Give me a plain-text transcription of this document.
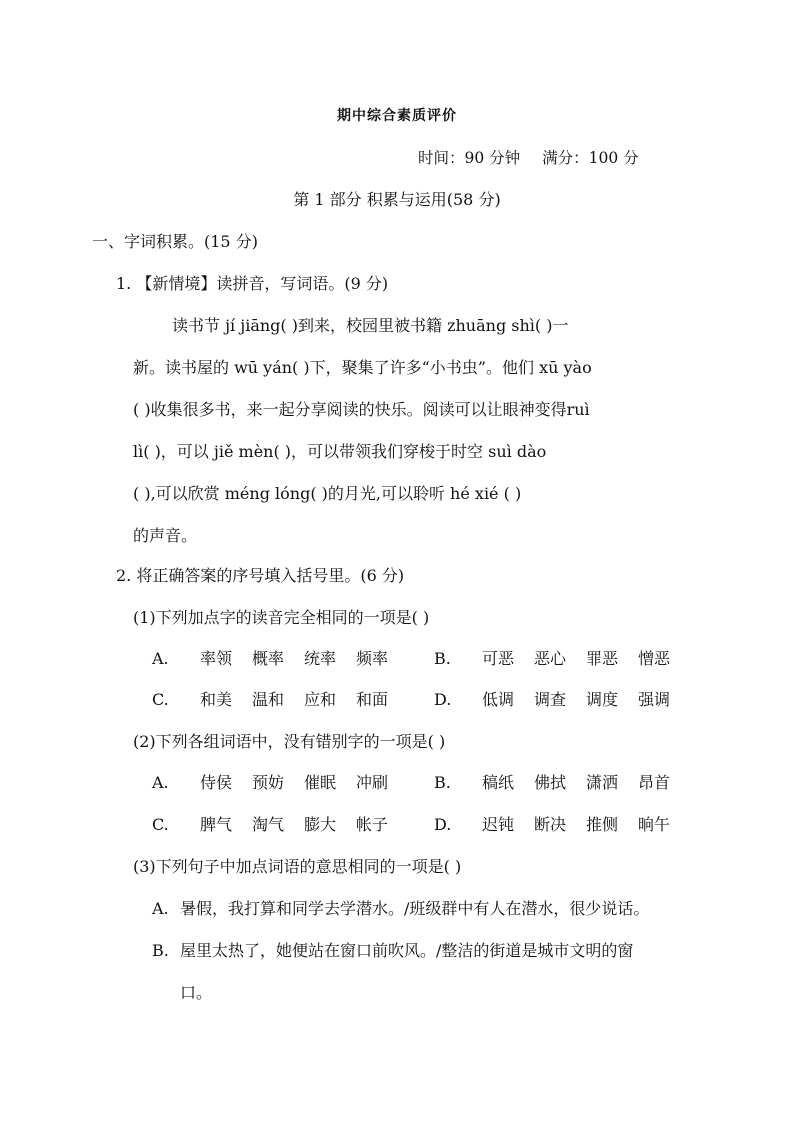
期中综合素质评价
时间：90 分钟 满分：100 分
第 1 部分 积累与运用(58 分)
一、字词积累。(15 分)
1. 【新情境】读拼音，写词语。(9 分)
读书节 jí jiāng( )到来，校园里被书籍 zhuāng shì( )一
新。读书屋的 wū yán( )下，聚集了许多“小书虫”。他们 xū yào
( )收集很多书，来一起分享阅读的快乐。阅读可以让眼神变得ruì
lì( )，可以 jiě mèn( )，可以带领我们穿梭于时空 suì dào
( ),可以欣赏 méng lóng( )的月光,可以聆听 hé xié ( )
的声音。
2. 将正确答案的序号填入括号里。(6 分)
(1)下列加点字的读音完全相同的一项是( )
A. 率领 概率 统率 频率	B. 可恶 恶心 罪恶 憎恶
C. 和美 温和 应和 和面	D. 低调 调查 调度 强调
(2)下列各组词语中，没有错别字的一项是( )
A. 侍侯 预妨 催眠 冲刷	B. 稿纸 佛拭 潇洒 昂首
C. 脾气 淘气 膨大 帐子	D. 迟钝 断决 推侧 晌午
(3)下列句子中加点词语的意思相同的一项是( )
A. 暑假，我打算和同学去学潜水。/班级群中有人在潜水，很少说话。
B. 屋里太热了，她便站在窗口前吹风。/整洁的街道是城市文明的窗
口。
